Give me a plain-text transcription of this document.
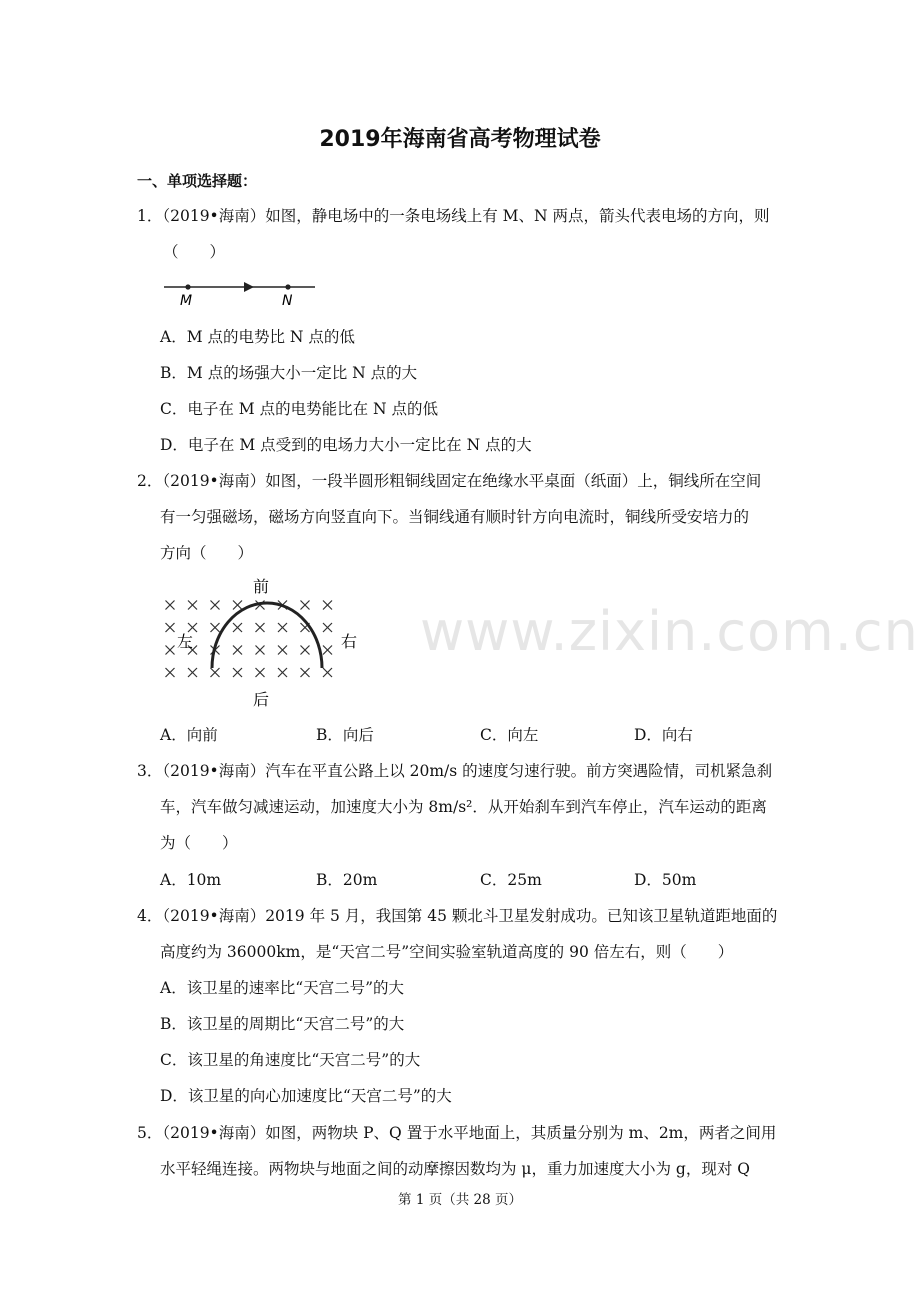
www.zixin.com.cn
2019年海南省高考物理试卷
一、单项选择题：
1．（2019•海南）如图，静电场中的一条电场线上有 M、N 两点，箭头代表电场的方向，则
（　　）
M	N
A．M 点的电势比 N 点的低
B．M 点的场强大小一定比 N 点的大
C．电子在 M 点的电势能比在 N 点的低
D．电子在 M 点受到的电场力大小一定比在 N 点的大
2．（2019•海南）如图，一段半圆形粗铜线固定在绝缘水平桌面（纸面）上，铜线所在空间
有一匀强磁场，磁场方向竖直向下。当铜线通有顺时针方向电流时，铜线所受安培力的
方向（　　）
前
后
左	右
A．向前	B．向后	C．向左	D．向右
3．（2019•海南）汽车在平直公路上以 20m/s 的速度匀速行驶。前方突遇险情，司机紧急刹
车，汽车做匀减速运动，加速度大小为 8m/s²．从开始刹车到汽车停止，汽车运动的距离
为（　　）
A．10m	B．20m	C．25m	D．50m
4．（2019•海南）2019 年 5 月，我国第 45 颗北斗卫星发射成功。已知该卫星轨道距地面的
高度约为 36000km，是“天宫二号”空间实验室轨道高度的 90 倍左右，则（　　）
A．该卫星的速率比“天宫二号”的大
B．该卫星的周期比“天宫二号”的大
C．该卫星的角速度比“天宫二号”的大
D．该卫星的向心加速度比“天宫二号”的大
5．（2019•海南）如图，两物块 P、Q 置于水平地面上，其质量分别为 m、2m，两者之间用
水平轻绳连接。两物块与地面之间的动摩擦因数均为 μ，重力加速度大小为 g，现对 Q
第 1 页（共 28 页）
